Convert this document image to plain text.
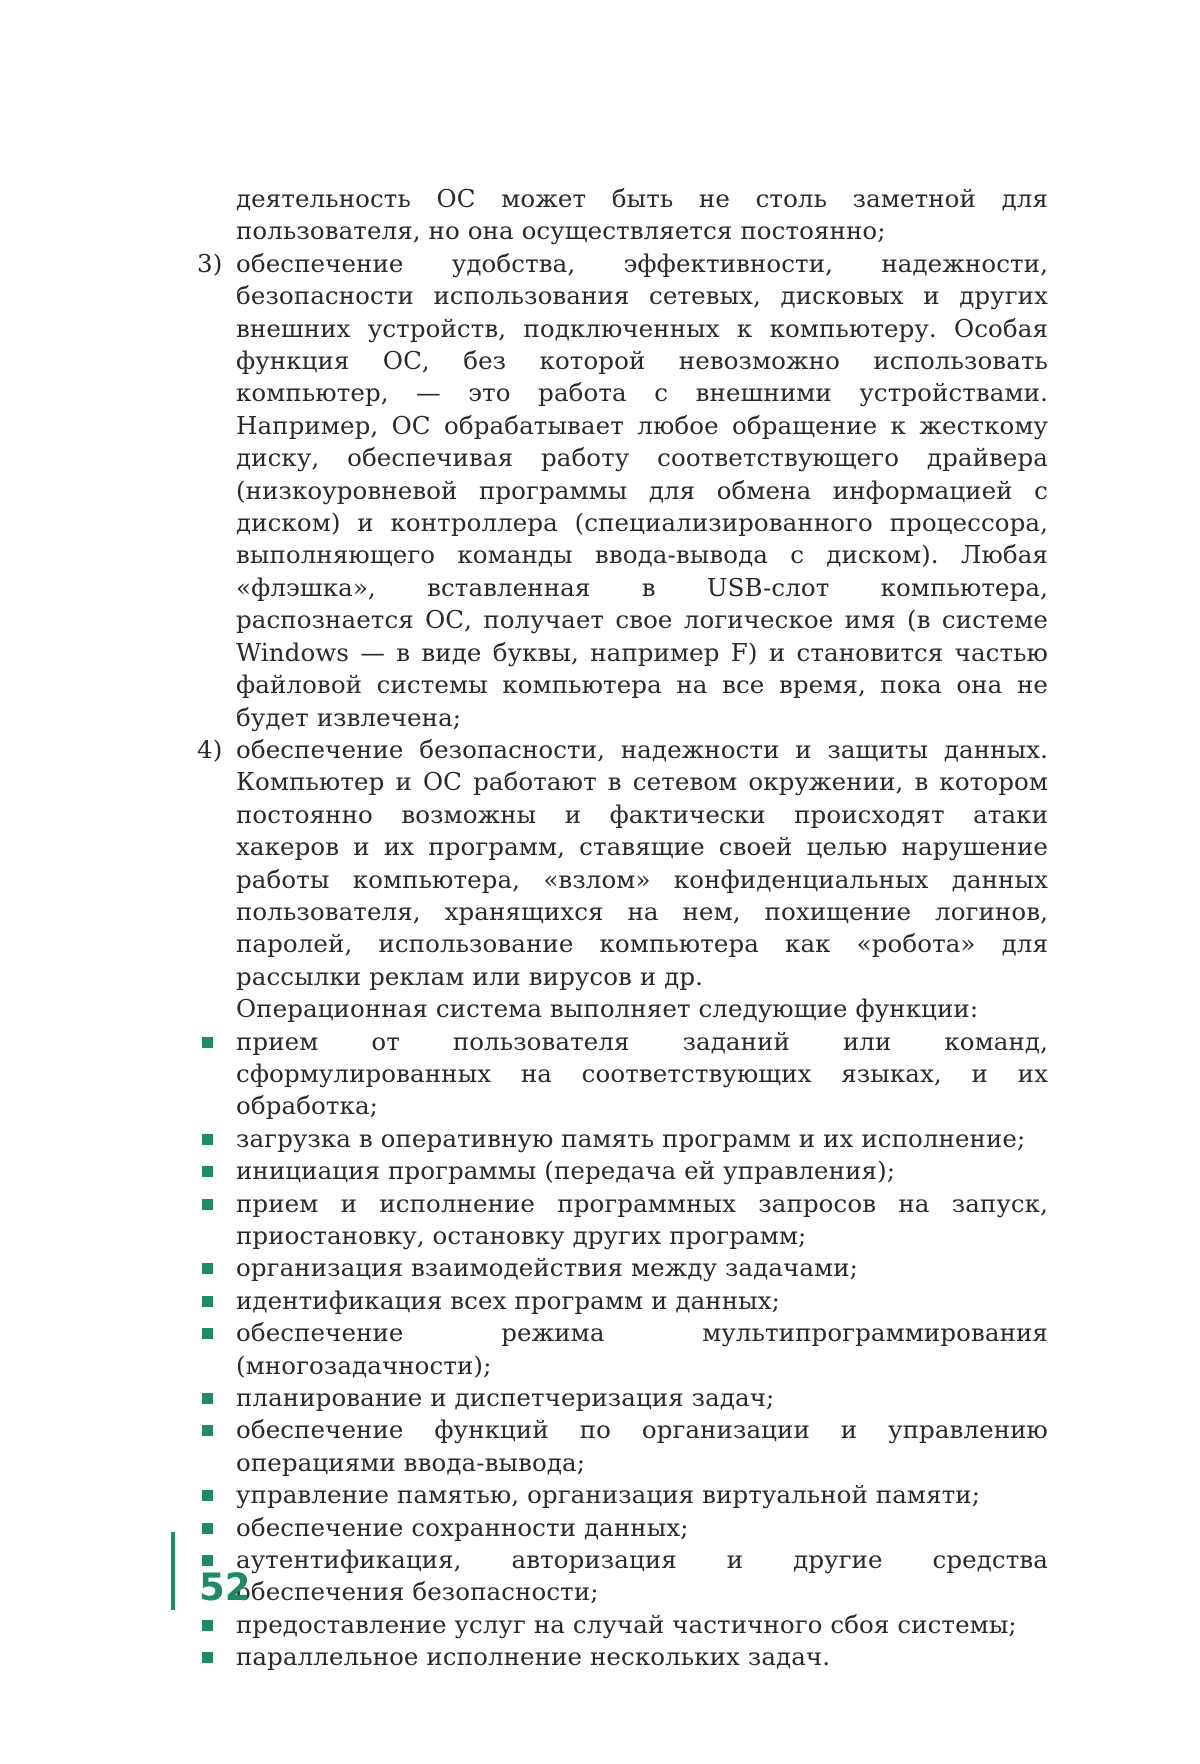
деятельность ОС может быть не столь заметной для пользователя, но она осуществляется постоянно;

3) обеспечение удобства, эффективности, надежности, безопасности использования сетевых, дисковых и других внешних устройств, подключенных к компьютеру. Особая функция ОС, без которой невозможно использовать компьютер, — это работа с внешними устройствами. Например, ОС обрабатывает любое обращение к жесткому диску, обеспечивая работу соответствующего драйвера (низкоуровневой программы для обмена информацией с диском) и контроллера (специализированного процессора, выполняющего команды ввода-вывода с диском). Любая «флэшка», вставленная в USB-слот компьютера, распознается ОС, получает свое логическое имя (в системе Windows — в виде буквы, например F) и становится частью файловой системы компьютера на все время, пока она не будет извлечена;

4) обеспечение безопасности, надежности и защиты данных. Компьютер и ОС работают в сетевом окружении, в котором постоянно возможны и фактически происходят атаки хакеров и их программ, ставящие своей целью нарушение работы компьютера, «взлом» конфиденциальных данных пользователя, хранящихся на нем, похищение логинов, паролей, использование компьютера как «робота» для рассылки реклам или вирусов и др.

Операционная система выполняет следующие функции:

прием от пользователя заданий или команд, сформулированных на соответствующих языках, и их обработка;

загрузка в оперативную память программ и их исполнение;

инициация программы (передача ей управления);

прием и исполнение программных запросов на запуск, приостановку, остановку других программ;

организация взаимодействия между задачами;

идентификация всех программ и данных;

обеспечение режима мультипрограммирования (многозадачности);

планирование и диспетчеризация задач;

обеспечение функций по организации и управлению операциями ввода-вывода;

управление памятью, организация виртуальной памяти;

обеспечение сохранности данных;

аутентификация, авторизация и другие средства обеспечения безопасности;

предоставление услуг на случай частичного сбоя системы;

параллельное исполнение нескольких задач.

52
